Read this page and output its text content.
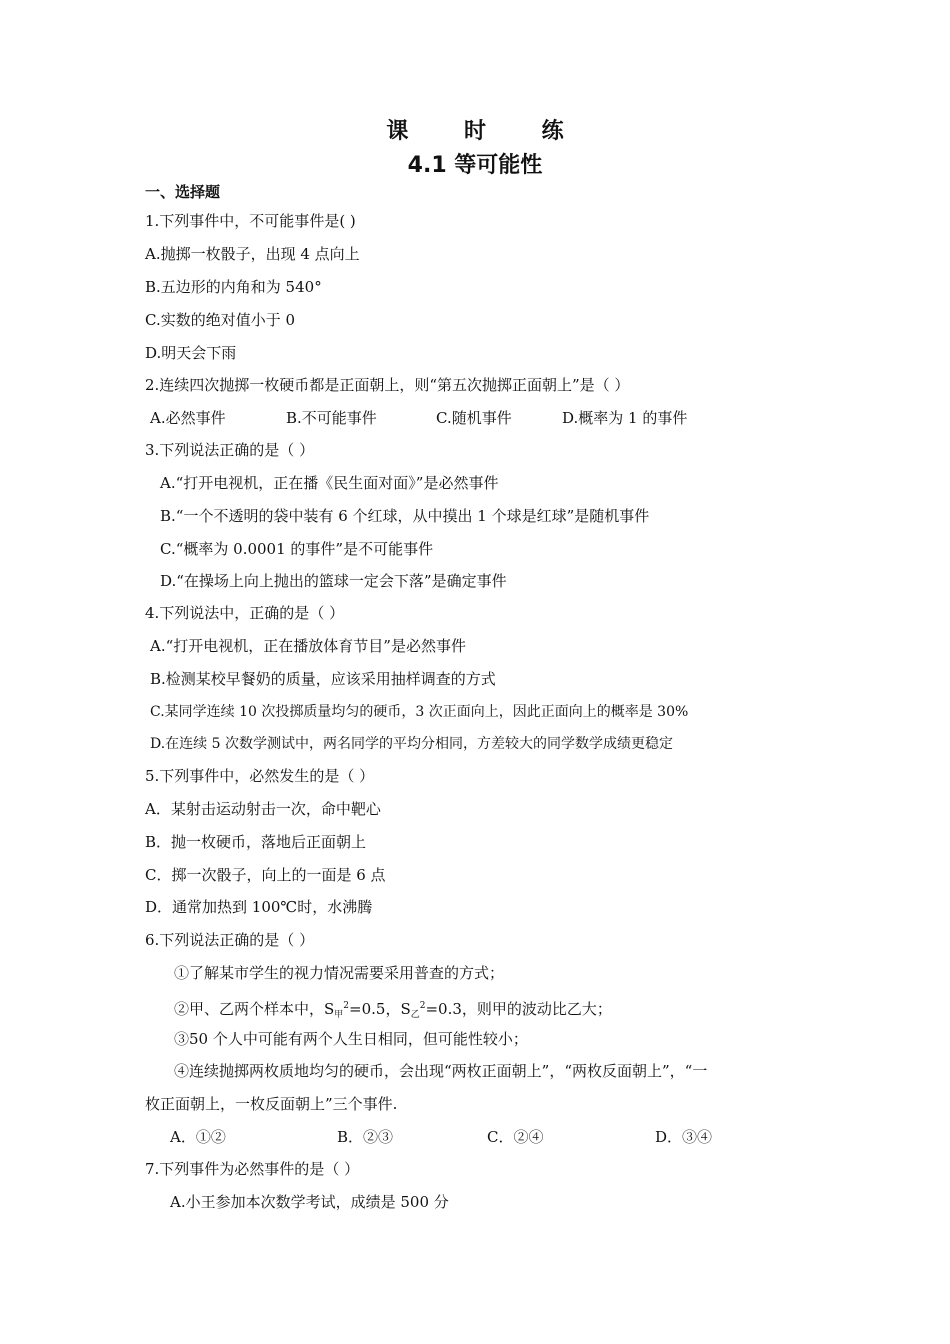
课 时 练
4.1 等可能性
一、选择题
1.下列事件中，不可能事件是( )
A.抛掷一枚骰子，出现 4 点向上
B.五边形的内角和为 540°
C.实数的绝对值小于 0
D.明天会下雨
2.连续四次抛掷一枚硬币都是正面朝上，则“第五次抛掷正面朝上”是（ ）
A.必然事件	B.不可能事件	C.随机事件	D.概率为 1 的事件
3.下列说法正确的是（ ）
A.“打开电视机，正在播《民生面对面》”是必然事件
B.“一个不透明的袋中装有 6 个红球，从中摸出 1 个球是红球”是随机事件
C.“概率为 0.0001 的事件”是不可能事件
D.“在操场上向上抛出的篮球一定会下落”是确定事件
4.下列说法中，正确的是（ ）
A.“打开电视机，正在播放体育节目”是必然事件
B.检测某校早餐奶的质量，应该采用抽样调查的方式
C.某同学连续 10 次投掷质量均匀的硬币，3 次正面向上，因此正面向上的概率是 30%
D.在连续 5 次数学测试中，两名同学的平均分相同，方差较大的同学数学成绩更稳定
5.下列事件中，必然发生的是（ ）
A．某射击运动射击一次，命中靶心
B．抛一枚硬币，落地后正面朝上
C．掷一次骰子，向上的一面是 6 点
D．通常加热到 100℃时，水沸腾
6.下列说法正确的是（ ）
①了解某市学生的视力情况需要采用普查的方式；
②甲、乙两个样本中，$S_甲^2=0.5$，$S_乙^2=0.3$，则甲的波动比乙大；
③50 个人中可能有两个人生日相同，但可能性较小；
④连续抛掷两枚质地均匀的硬币，会出现“两枚正面朝上”，“两枚反面朝上”，“一
枚正面朝上，一枚反面朝上”三个事件.
A．①②	B．②③	C．②④	D．③④
7.下列事件为必然事件的是（ ）
A.小王参加本次数学考试，成绩是 500 分
